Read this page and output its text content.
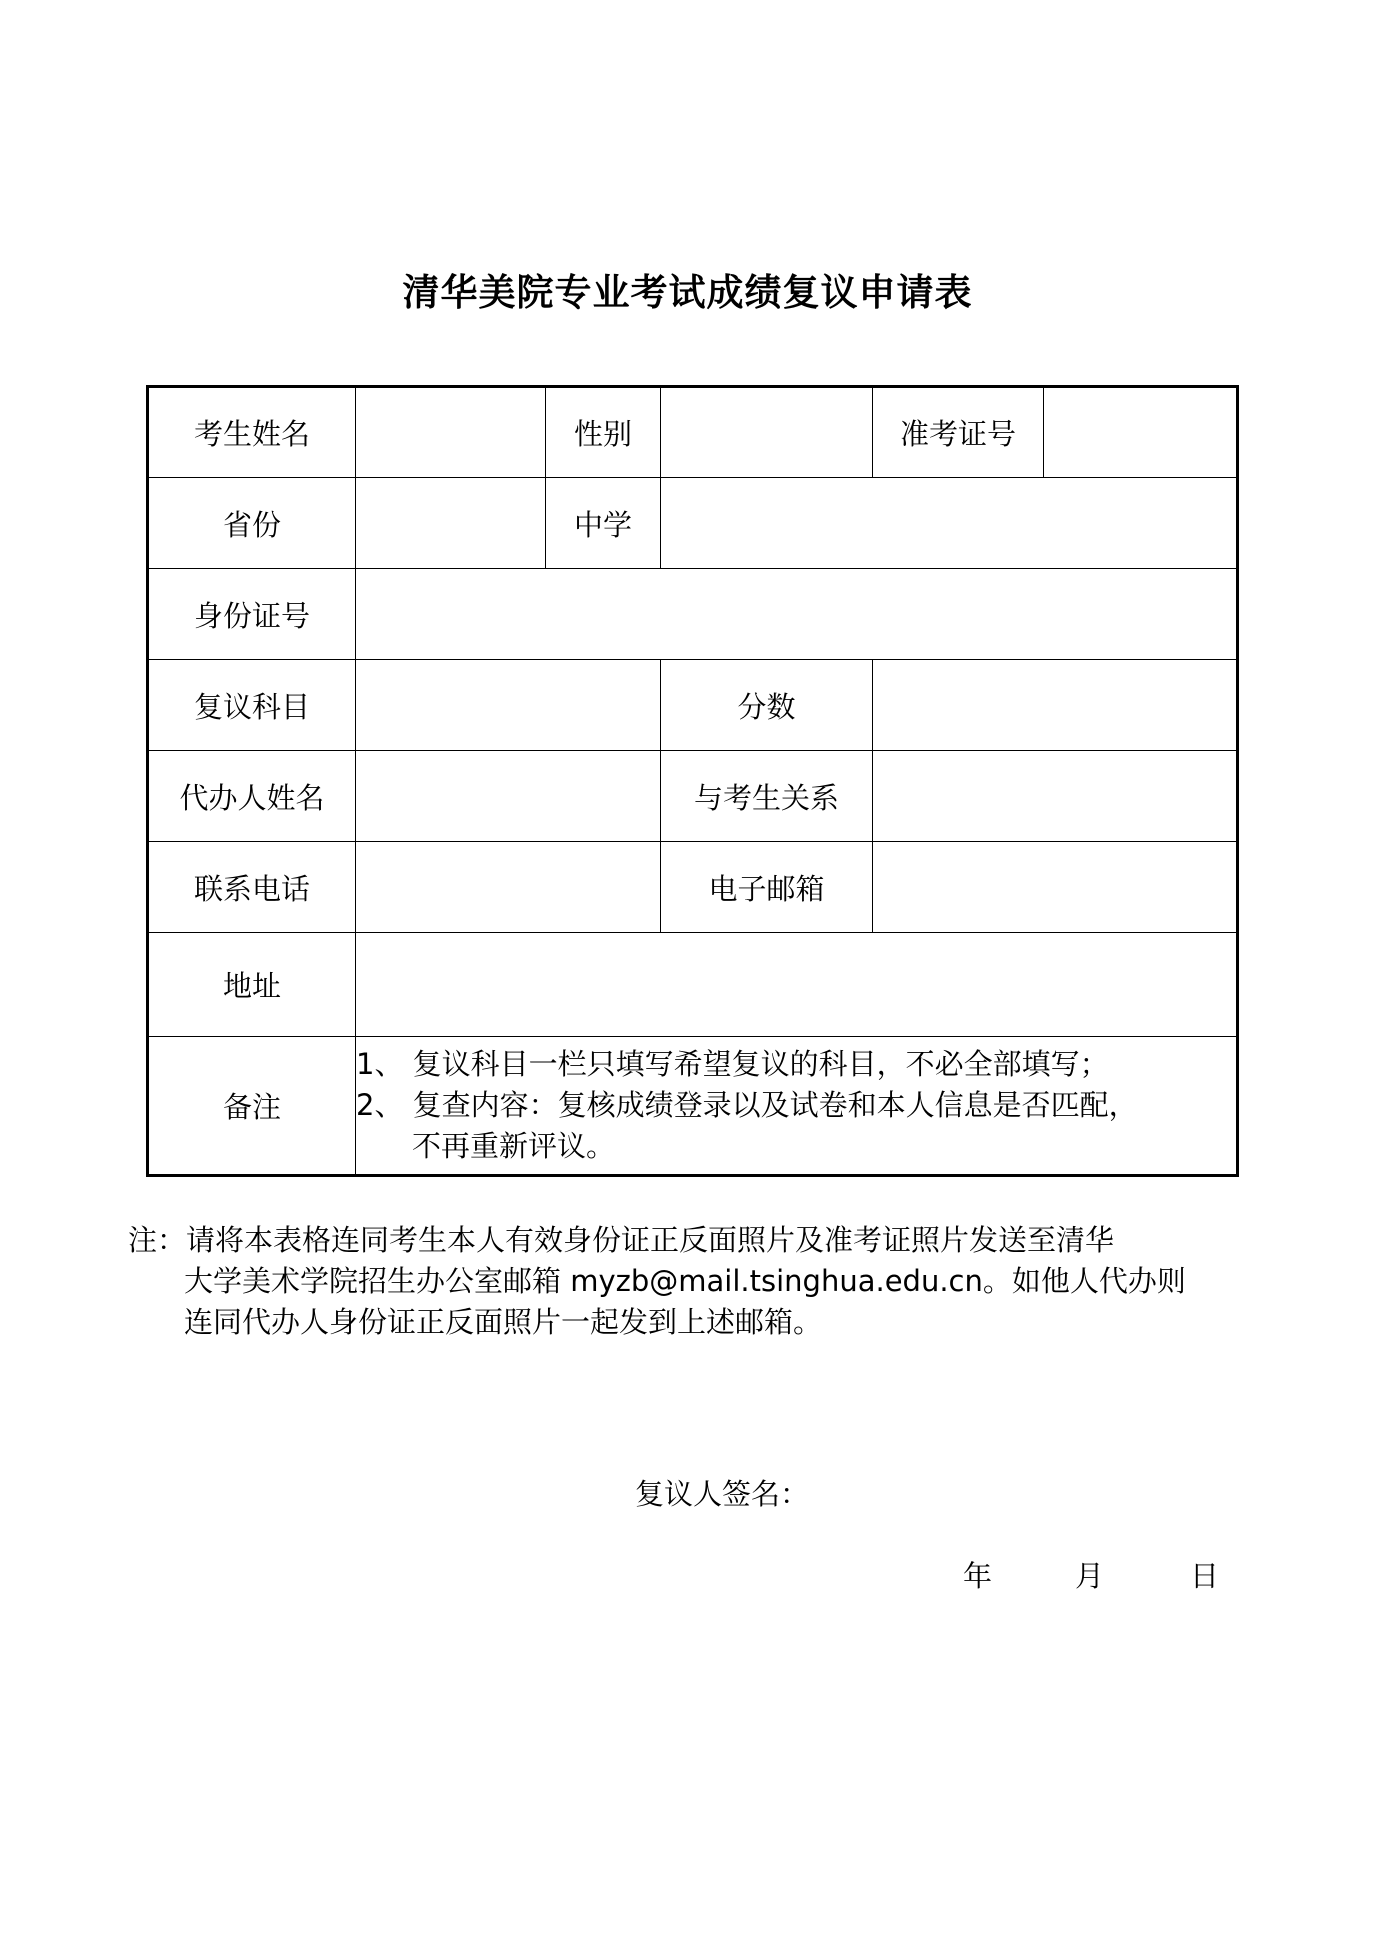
清华美院专业考试成绩复议申请表
考生姓名		性别		准考证号	
省份		中学			
身份证号					
复议科目			分数		
代办人姓名			与考生关系		
联系电话			电子邮箱		
地址					
备注	1、 复议科目一栏只填写希望复议的科目，不必全部填写；
2、 复查内容：复核成绩登录以及试卷和本人信息是否匹配，
不再重新评议。				
注：请将本表格连同考生本人有效身份证正反面照片及准考证照片发送至清华
大学美术学院招生办公室邮箱 myzb@mail.tsinghua.edu.cn。如他人代办则
连同代办人身份证正反面照片一起发到上述邮箱。
复议人签名：
年	月	日
